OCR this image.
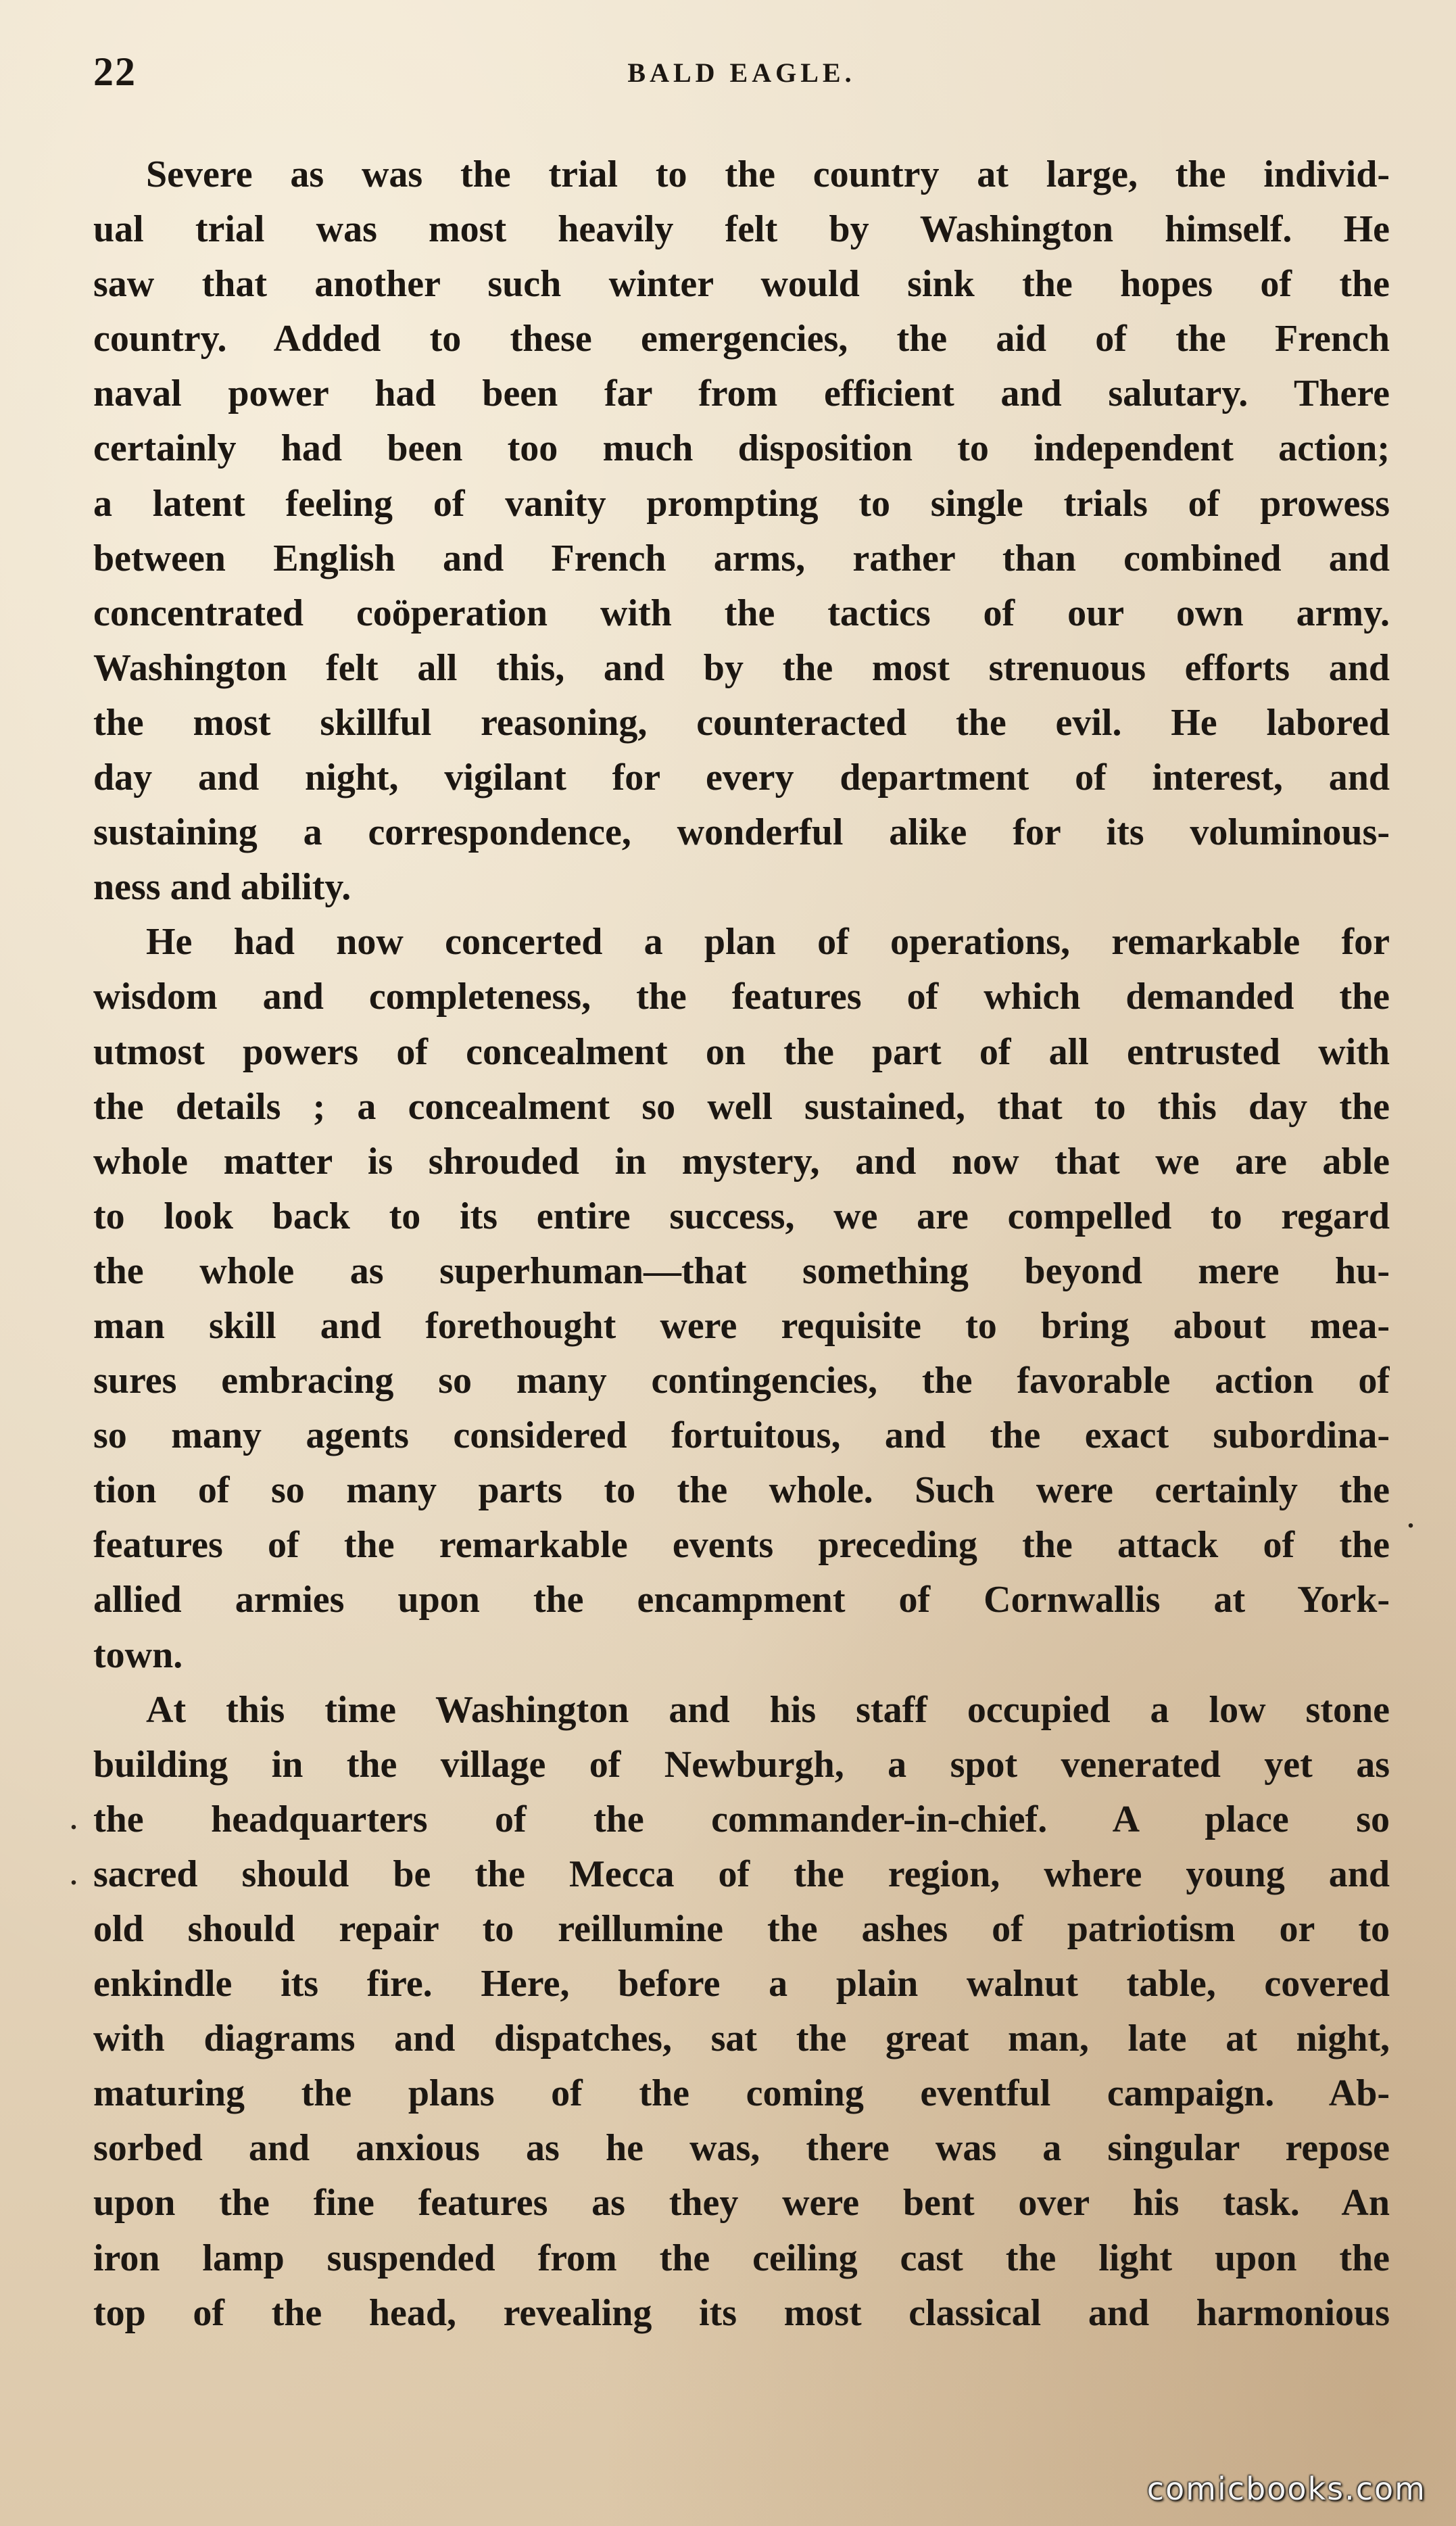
22	BALD EAGLE.
Severe as was the trial to the country at large, the individ-
ual trial was most heavily felt by Washington himself. He
saw that another such winter would sink the hopes of the
country. Added to these emergencies, the aid of the French
naval power had been far from efficient and salutary. There
certainly had been too much disposition to independent action;
a latent feeling of vanity prompting to single trials of prowess
between English and French arms, rather than combined and
concentrated coöperation with the tactics of our own army.
Washington felt all this, and by the most strenuous efforts and
the most skillful reasoning, counteracted the evil. He labored
day and night, vigilant for every department of interest, and
sustaining a correspondence, wonderful alike for its voluminous-
ness and ability.
He had now concerted a plan of operations, remarkable for
wisdom and completeness, the features of which demanded the
utmost powers of concealment on the part of all entrusted with
the details ; a concealment so well sustained, that to this day the
whole matter is shrouded in mystery, and now that we are able
to look back to its entire success, we are compelled to regard
the whole as superhuman—that something beyond mere hu-
man skill and forethought were requisite to bring about mea-
sures embracing so many contingencies, the favorable action of
so many agents considered fortuitous, and the exact subordina-
tion of so many parts to the whole. Such were certainly the
features of the remarkable events preceding the attack of the
allied armies upon the encampment of Cornwallis at York-
town.
At this time Washington and his staff occupied a low stone
building in the village of Newburgh, a spot venerated yet as
the headquarters of the commander-in-chief. A place so
sacred should be the Mecca of the region, where young and
old should repair to reillumine the ashes of patriotism or to
enkindle its fire. Here, before a plain walnut table, covered
with diagrams and dispatches, sat the great man, late at night,
maturing the plans of the coming eventful campaign. Ab-
sorbed and anxious as he was, there was a singular repose
upon the fine features as they were bent over his task. An
iron lamp suspended from the ceiling cast the light upon the
top of the head, revealing its most classical and harmonious
.
.
.
comicbooks.com
